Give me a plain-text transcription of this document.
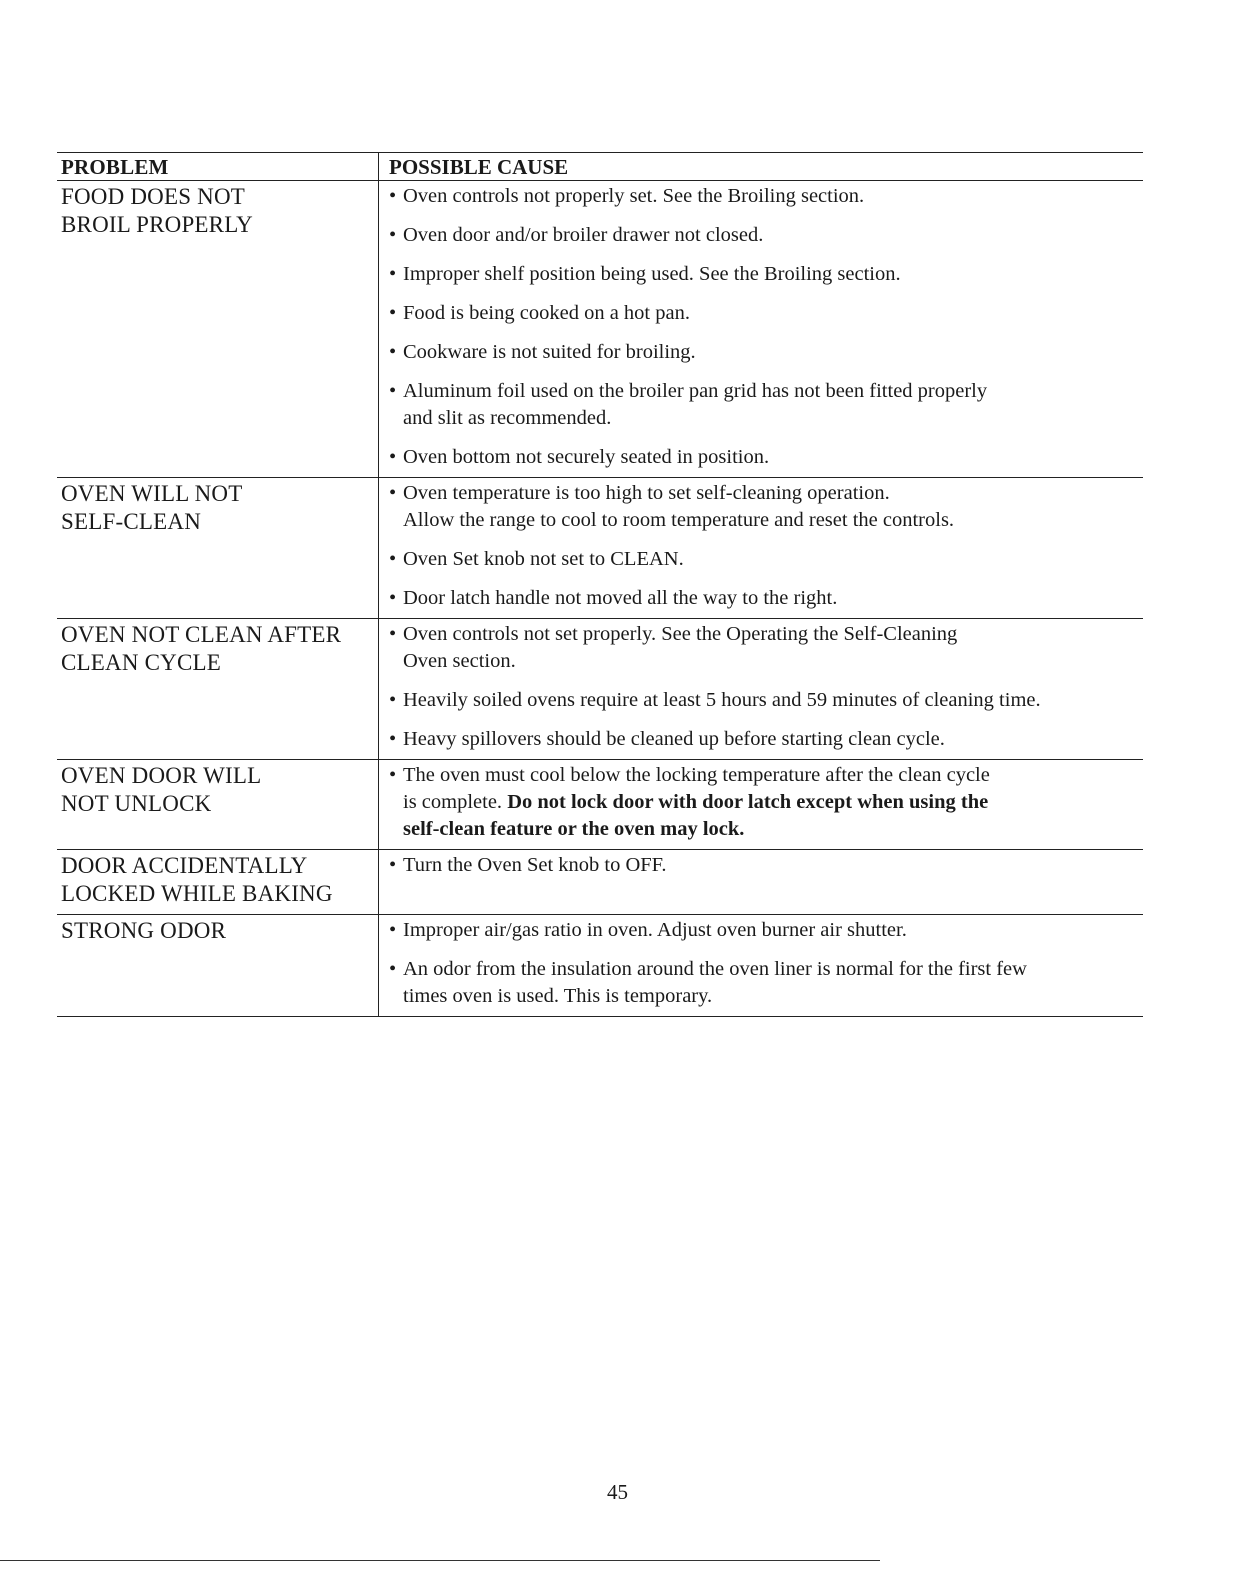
PROBLEM	POSSIBLE CAUSE
FOOD DOES NOT
BROIL PROPERLY
• Oven controls not properly set. See the Broiling section.
• Oven door and/or broiler drawer not closed.
• Improper shelf position being used. See the Broiling section.
• Food is being cooked on a hot pan.
• Cookware is not suited for broiling.
• Aluminum foil used on the broiler pan grid has not been fitted properly
and slit as recommended.
• Oven bottom not securely seated in position.
OVEN WILL NOT
SELF-CLEAN
• Oven temperature is too high to set self-cleaning operation.
Allow the range to cool to room temperature and reset the controls.
• Oven Set knob not set to CLEAN.
• Door latch handle not moved all the way to the right.
OVEN NOT CLEAN AFTER
CLEAN CYCLE
• Oven controls not set properly. See the Operating the Self-Cleaning
Oven section.
• Heavily soiled ovens require at least 5 hours and 59 minutes of cleaning time.
• Heavy spillovers should be cleaned up before starting clean cycle.
OVEN DOOR WILL
NOT UNLOCK
• The oven must cool below the locking temperature after the clean cycle
is complete. Do not lock door with door latch except when using the
self-clean feature or the oven may lock.
DOOR ACCIDENTALLY
LOCKED WHILE BAKING
• Turn the Oven Set knob to OFF.
STRONG ODOR	• Improper air/gas ratio in oven. Adjust oven burner air shutter.
• An odor from the insulation around the oven liner is normal for the first few
times oven is used. This is temporary.
45
